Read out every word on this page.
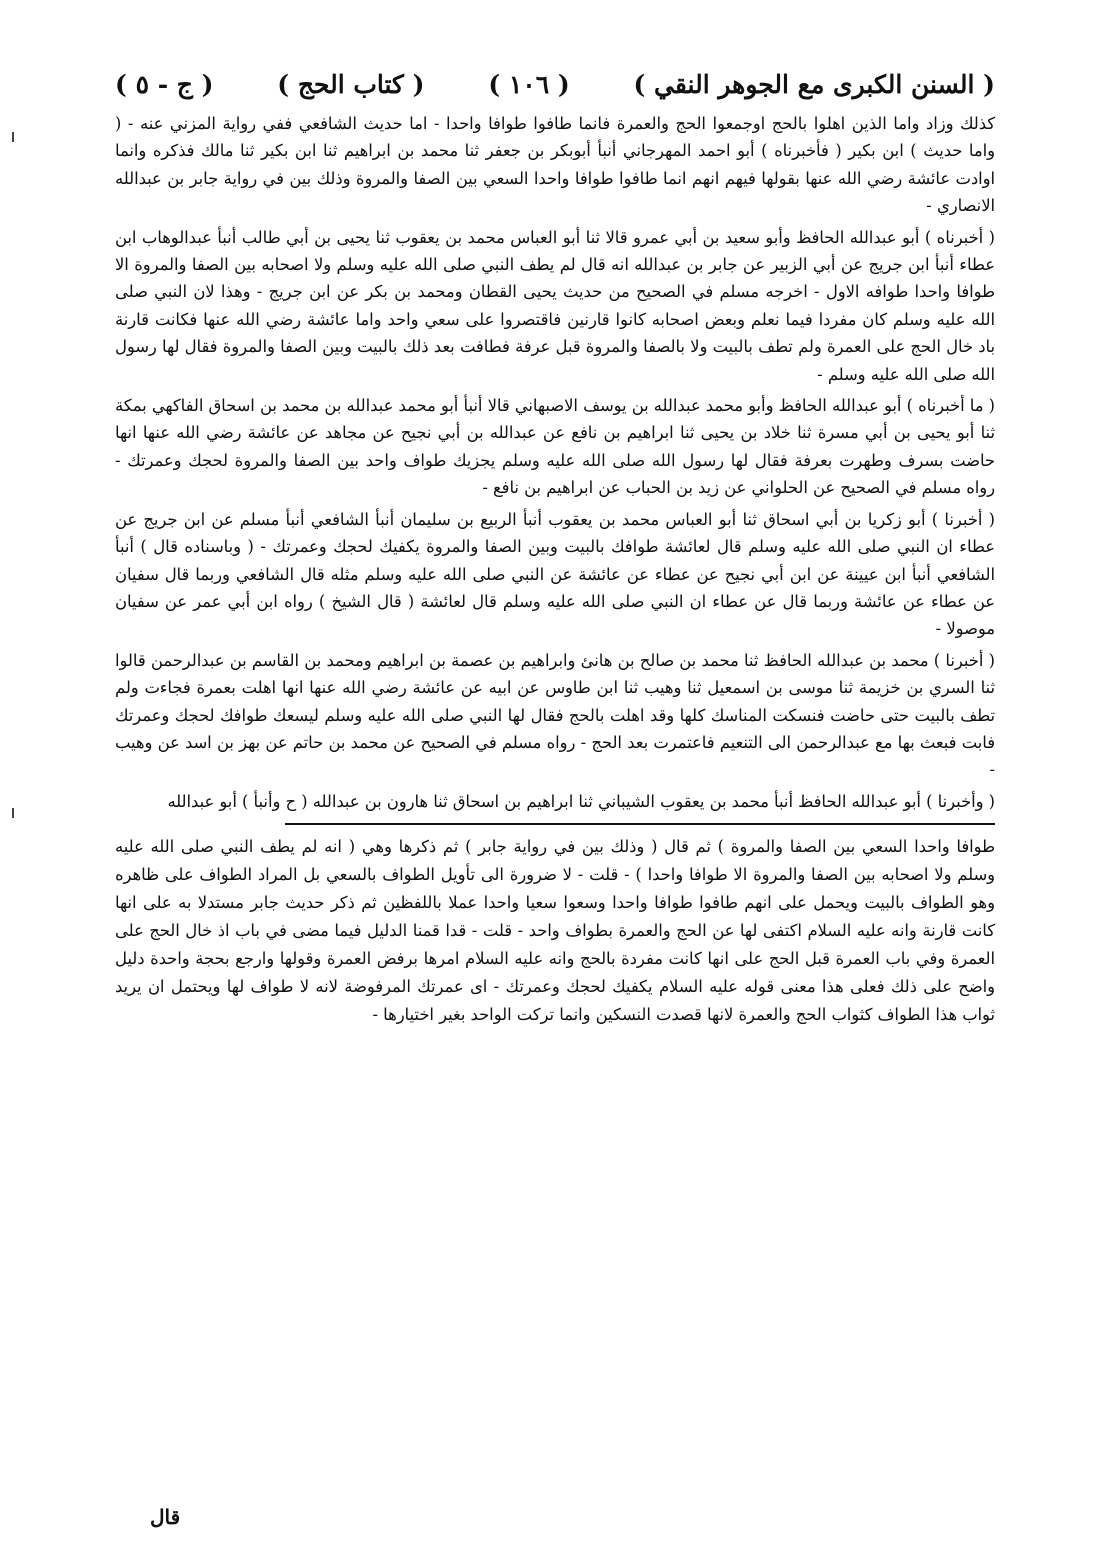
( السنن الكبرى مع الجوهر النقي )
( ١٠٦ )
( كتاب الحج )
( ج - ٥ )

كذلك وزاد واما الذين اهلوا بالحج اوجمعوا الحج والعمرة فانما طافوا طوافا واحدا - اما حديث الشافعي ففي رواية المزني عنه - ( واما حديث ) ابن بكير ( فأخبرناه ) أبو احمد المهرجاني أنبأ أبوبكر بن جعفر ثنا محمد بن ابراهيم ثنا ابن بكير ثنا مالك فذكره وانما اوادت عائشة رضي الله عنها بقولها فيهم انهم انما طافوا طوافا واحدا السعي بين الصفا والمروة وذلك بين في رواية جابر بن عبدالله الانصاري -

( أخبرناه ) أبو عبدالله الحافظ وأبو سعيد بن أبي عمرو قالا ثنا أبو العباس محمد بن يعقوب ثنا يحيى بن أبي طالب أنبأ عبدالوهاب ابن عطاء أنبأ ابن جريج عن أبي الزبير عن جابر بن عبدالله انه قال لم يطف النبي صلى الله عليه وسلم ولا اصحابه بين الصفا والمروة الا طوافا واحدا طوافه الاول - اخرجه مسلم في الصحيح من حديث يحيى القطان ومحمد بن بكر عن ابن جريج - وهذا لان النبي صلى الله عليه وسلم كان مفردا فيما نعلم وبعض اصحابه كانوا قارنين فاقتصروا على سعي واحد واما عائشة رضي الله عنها فكانت قارنة باد خال الحج على العمرة ولم تطف بالبيت ولا بالصفا والمروة قبل عرفة فطافت بعد ذلك بالبيت وبين الصفا والمروة فقال لها رسول الله صلى الله عليه وسلم -

( ما أخبرناه ) أبو عبدالله الحافظ وأبو محمد عبدالله بن يوسف الاصبهاني قالا أنبأ أبو محمد عبدالله بن محمد بن اسحاق الفاكهي بمكة ثنا أبو يحيى بن أبي مسرة ثنا خلاد بن يحيى ثنا ابراهيم بن نافع عن عبدالله بن أبي نجيح عن مجاهد عن عائشة رضي الله عنها انها حاضت بسرف وطهرت بعرفة فقال لها رسول الله صلى الله عليه وسلم يجزيك طواف واحد بين الصفا والمروة لحجك وعمرتك - رواه مسلم في الصحيح عن الحلواني عن زيد بن الحباب عن ابراهيم بن نافع -

( أخبرنا ) أبو زكريا بن أبي اسحاق ثنا أبو العباس محمد بن يعقوب أنبأ الربيع بن سليمان أنبأ الشافعي أنبأ مسلم عن ابن جريج عن عطاء ان النبي صلى الله عليه وسلم قال لعائشة طوافك بالبيت وبين الصفا والمروة يكفيك لحجك وعمرتك - ( وباسناده قال ) أنبأ الشافعي أنبأ ابن عيينة عن ابن أبي نجيح عن عطاء عن عائشة عن النبي صلى الله عليه وسلم مثله قال الشافعي وربما قال سفيان عن عطاء عن عائشة وربما قال عن عطاء ان النبي صلى الله عليه وسلم قال لعائشة ( قال الشيخ ) رواه ابن أبي عمر عن سفيان موصولا -

( أخبرنا ) محمد بن عبدالله الحافظ ثنا محمد بن صالح بن هانئ وابراهيم بن عصمة بن ابراهيم ومحمد بن القاسم بن عبدالرحمن قالوا ثنا السري بن خزيمة ثنا موسى بن اسمعيل ثنا وهيب ثنا ابن طاوس عن ابيه عن عائشة رضي الله عنها انها اهلت بعمرة فجاءت ولم تطف بالبيت حتى حاضت فنسكت المناسك كلها وقد اهلت بالحج فقال لها النبي صلى الله عليه وسلم ليسعك طوافك لحجك وعمرتك فابت فبعث بها مع عبدالرحمن الى التنعيم فاعتمرت بعد الحج - رواه مسلم في الصحيح عن محمد بن حاتم عن بهز بن اسد عن وهيب -

( وأخبرنا ) أبو عبدالله الحافظ أنبأ محمد بن يعقوب الشيباني ثنا ابراهيم بن اسحاق ثنا هارون بن عبدالله ( ح وأنبأ ) أبو عبدالله

طوافا واحدا السعي بين الصفا والمروة ) ثم قال ( وذلك بين في رواية جابر ) ثم ذكرها وهي ( انه لم يطف النبي صلى الله عليه وسلم ولا اصحابه بين الصفا والمروة الا طوافا واحدا ) - قلت - لا ضرورة الى تأويل الطواف بالسعي بل المراد الطواف على ظاهره وهو الطواف بالبيت ويحمل على انهم طافوا طوافا واحدا وسعوا سعيا واحدا عملا باللفظين ثم ذكر حديث جابر مستدلا به على انها كانت قارنة وانه عليه السلام اكتفى لها عن الحج والعمرة بطواف واحد - قلت - قدا قمنا الدليل فيما مضى في باب اذ خال الحج على العمرة وفي باب العمرة قبل الحج على انها كانت مفردة بالحج وانه عليه السلام امرها برفض العمرة وقولها وارجع بحجة واحدة دليل واضح على ذلك فعلى هذا معنى قوله عليه السلام يكفيك لحجك وعمرتك - اى عمرتك المرفوضة لانه لا طواف لها ويحتمل ان يريد ثواب هذا الطواف كثواب الحج والعمرة لانها قصدت النسكين وانما تركت الواحد بغير اختيارها -

قال
